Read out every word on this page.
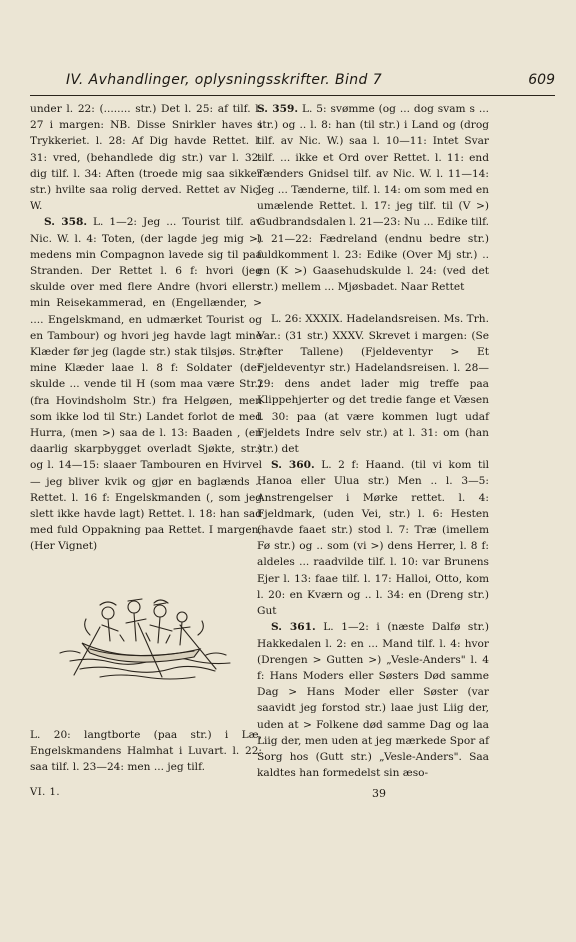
IV. Avhandlinger, oplysningsskrifter. Bind 7	609

under l. 22: (........ str.) Det l. 25: af tilf. l. 27 i margen: NB. Disse Snirkler haves i Trykkeriet. l. 28: Af Dig havde Rettet. l. 31: vred, (behandlede dig str.) var l. 32: dig tilf. l. 34: Aften (troede mig saa sikker str.) hvilte saa rolig derved. Rettet av Nic. W.

S. 358. L. 1—2: Jeg ... Tourist tilf. av Nic. W. l. 4: Toten, (der lagde jeg mig >) medens min Compagnon lavede sig til paa Stranden. Der Rettet l. 6 f: hvori (jeg skulde over med flere Andre (hvori ellers min Reisekammerad, en (Engellænder, > .... Engelskmand, en udmærket Tourist og en Tambour) og hvori jeg havde lagt mine Klæder før jeg (lagde str.) stak tilsjøs. Str.) mine Klæder laae l. 8 f: Soldater (der skulde ... vende til H (som maa være Str.) (fra Hovindsholm Str.) fra Helgøen, men som ikke lod til Str.) Landet forlot de med Hurra, (men >) saa de l. 13: Baaden , (en daarlig skarpbygget overladt Sjøkte, str.) og l. 14—15: slaaer Tambouren en Hvirvel — jeg bliver kvik og gjør en baglænds .. Rettet. l. 16 f: Engelskmanden (, som jeg slett ikke havde lagt) Rettet. l. 18: han sad med fuld Oppakning paa Rettet. I margen: (Her Vignet)

L. 20: langtborte (paa str.) i Læ, Engelskmandens Halmhat i Luvart. l. 22: saa tilf. l. 23—24: men ... jeg tilf.

S. 359. L. 5: svømme (og ... dog svam s ... str.) og .. l. 8: han (til str.) i Land og (drog tilf. av Nic. W.) saa l. 10—11: Intet Svar tilf. ... ikke et Ord over Rettet. l. 11: end Tænders Gnidsel tilf. av Nic. W. l. 11—14: Jeg ... Tænderne, tilf. l. 14: om som med en umælende Rettet. l. 17: jeg tilf. til (V >) Gudbrandsdalen l. 21—23: Nu ... Edike tilf. l. 21—22: Fædreland (endnu bedre str.) fuldkomment l. 23: Edike (Over Mj str.) .. en (K >) Gaasehudskulde l. 24: (ved det str.) mellem ... Mjøsbadet. Naar Rettet

L. 26: XXXIX. Hadelandsreisen. Ms. Trh. Var.: (31 str.) XXXV. Skrevet i margen: (Se efter Tallene) (Fjeldeventyr > Et Fjeldeventyr str.) Hadelandsreisen. l. 28—29: dens andet lader mig treffe paa Klippehjerter og det tredie fange et Væsen l. 30: paa (at være kommen lugt udaf Fjeldets Indre selv str.) at l. 31: om (han str.) det

S. 360. L. 2 f: Haand. (til vi kom til Hanoa eller Ulua str.) Men .. l. 3—5: Anstrengelser i Mørke rettet. l. 4: Fjeldmark, (uden Vei, str.) l. 6: Hesten (havde faaet str.) stod l. 7: Træ (imellem Fø str.) og .. som (vi >) dens Herrer, l. 8 f: aldeles ... raadvilde tilf. l. 10: var Brunens Ejer l. 13: faae tilf. l. 17: Halloi, Otto, kom l. 20: en Kværn og .. l. 34: en (Dreng str.) Gut

S. 361. L. 1—2: i (næste Dalfø str.) Hakkedalen l. 2: en ... Mand tilf. l. 4: hvor (Drengen > Gutten >) „Vesle-Anders" l. 4 f: Hans Moders eller Søsters Død samme Dag > Hans Moder eller Søster (var saavidt jeg forstod str.) laae just Liig der, uden at > Folkene død samme Dag og laa Liig der, men uden at jeg mærkede Spor af Sorg hos (Gutt str.) „Vesle-Anders". Saa kaldtes han formedelst sin æso-

VI. 1.	39
